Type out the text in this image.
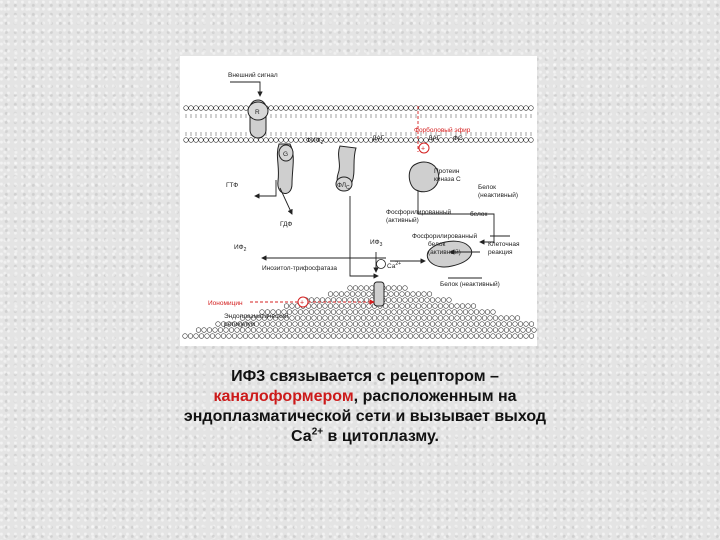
R
G
$ФЛ_С$
+
+
Внешний сигнал
$ФИФ_2$
ДАГ
Форболовый эфир
ДАГ ФС
ГТФ
ГДФ
Протеин
киназа С
Белок
(неактивный)
Фосфорилированный
(активный)
белок
Фосфорилированный
белок
(активный)
Клеточная
реакция
$ИФ_2$
$ИФ_3$
$Ca^{2+}$
Инозитол-трифосфатаза
Белок (неактивный)
Иономицин
Эндоплазматический
ретикулум
ИФ3 связывается с рецептором –
каналоформером, расположенным на
эндоплазматической сети и вызывает выход
$Са^{2+}$ в цитоплазму.
